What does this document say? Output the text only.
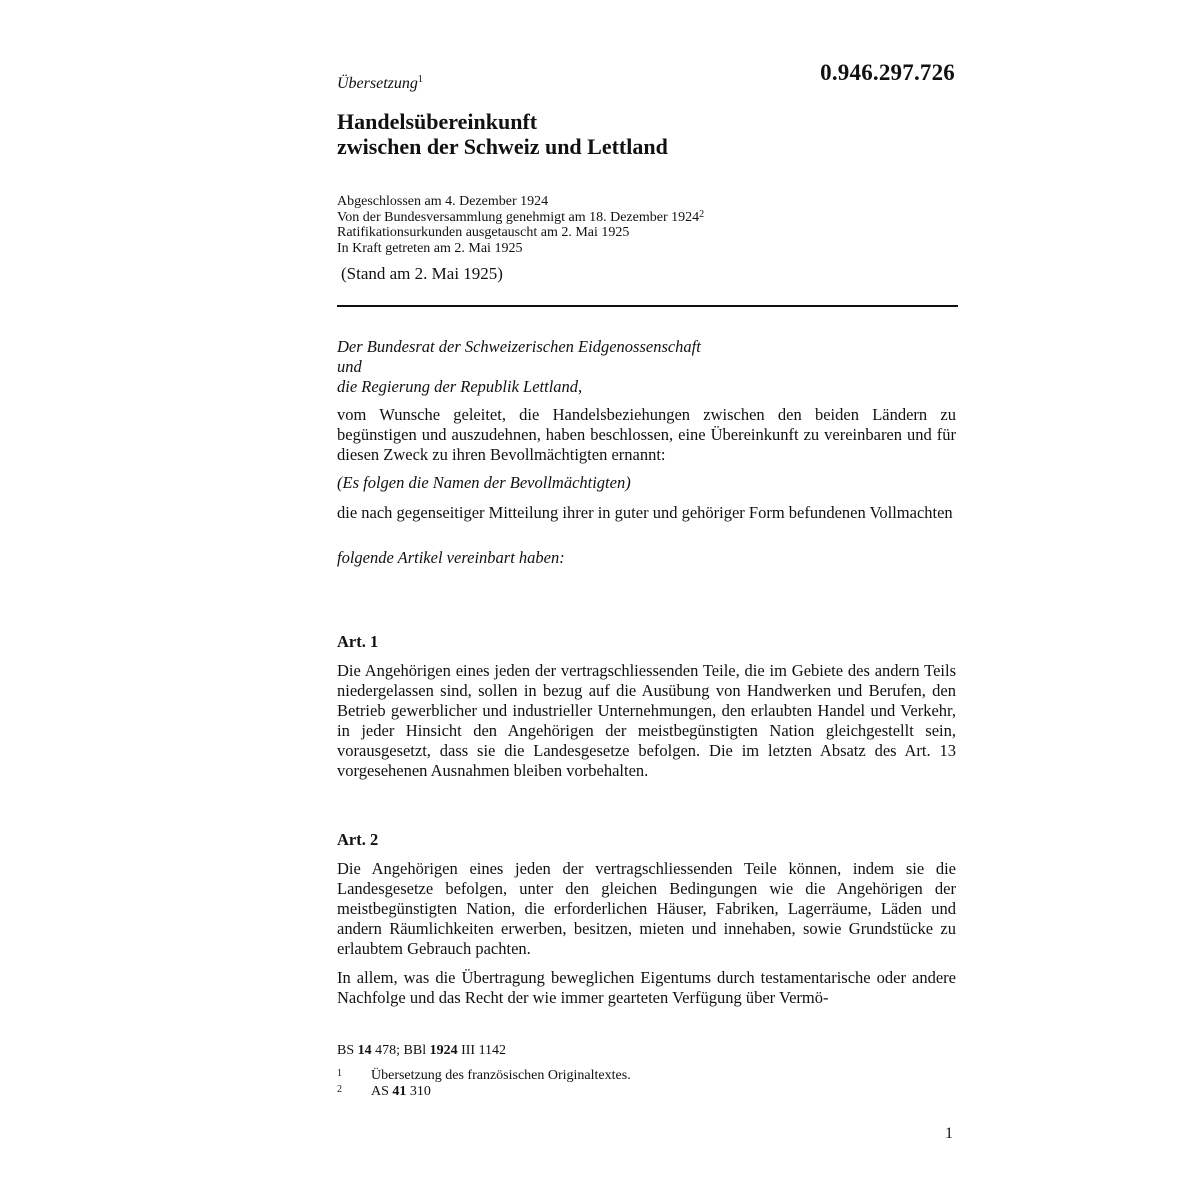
Übersetzung$^1$	0.946.297.726
Handelsübereinkunft
zwischen der Schweiz und Lettland
Abgeschlossen am 4. Dezember 1924
Von der Bundesversammlung genehmigt am 18. Dezember 1924$^2$
Ratifikationsurkunden ausgetauscht am 2. Mai 1925
In Kraft getreten am 2. Mai 1925
(Stand am 2. Mai 1925)
Der Bundesrat der Schweizerischen Eidgenossenschaft
und
die Regierung der Republik Lettland,
vom Wunsche geleitet, die Handelsbeziehungen zwischen den beiden Ländern zu begünstigen und auszudehnen, haben beschlossen, eine Übereinkunft zu vereinbaren und für diesen Zweck zu ihren Bevollmächtigten ernannt:
(Es folgen die Namen der Bevollmächtigten)
die nach gegenseitiger Mitteilung ihrer in guter und gehöriger Form befundenen Vollmachten
folgende Artikel vereinbart haben:
Art. 1
Die Angehörigen eines jeden der vertragschliessenden Teile, die im Gebiete des andern Teils niedergelassen sind, sollen in bezug auf die Ausübung von Handwerken und Berufen, den Betrieb gewerblicher und industrieller Unternehmungen, den erlaubten Handel und Verkehr, in jeder Hinsicht den Angehörigen der meistbegünstigten Nation gleichgestellt sein, vorausgesetzt, dass sie die Landesgesetze befolgen. Die im letzten Absatz des Art. 13 vorgesehenen Ausnahmen bleiben vorbehalten.
Art. 2
Die Angehörigen eines jeden der vertragschliessenden Teile können, indem sie die Landesgesetze befolgen, unter den gleichen Bedingungen wie die Angehörigen der meistbegünstigten Nation, die erforderlichen Häuser, Fabriken, Lagerräume, Läden und andern Räumlichkeiten erwerben, besitzen, mieten und innehaben, sowie Grundstücke zu erlaubtem Gebrauch pachten.
In allem, was die Übertragung beweglichen Eigentums durch testamentarische oder andere Nachfolge und das Recht der wie immer gearteten Verfügung über Vermö-
BS 14 478; BBl 1924 III 1142
1 Übersetzung des französischen Originaltextes.
2 AS 41 310
1
